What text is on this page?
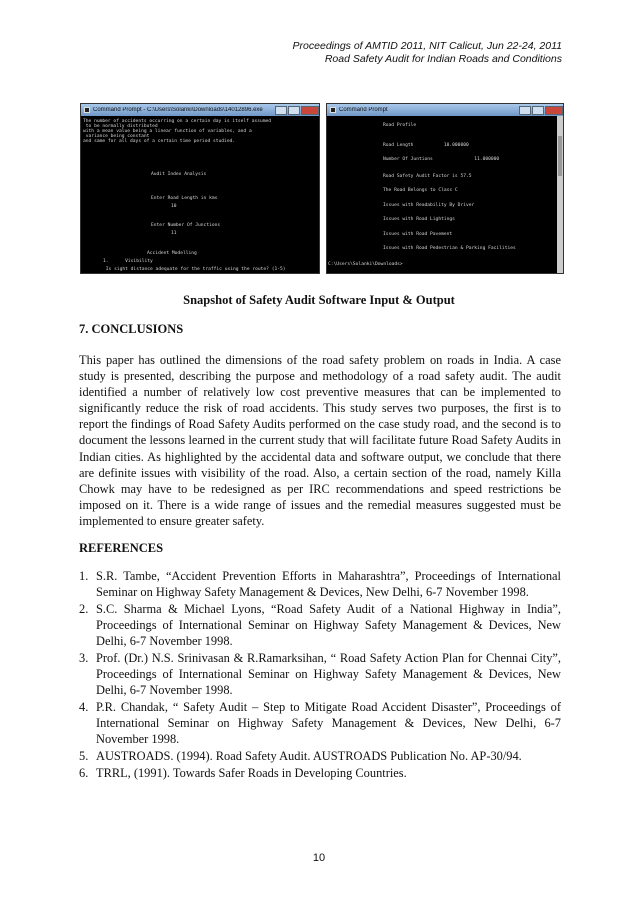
Proceedings of AMTID 2011, NIT Calicut, Jun 22-24, 2011
Road Safety Audit for Indian Roads and Conditions
Command Prompt - C:\Users\Solanki\Downloads\14012896.exe

The number of accidents occurring on a certain day is itself assumed

to be normally distributed

with a mean value being a linear function of variables, and a

variance being constant

and same for all days of a certain time period studied.

Audit Index Analysis

Enter Road Length in kms

10

Enter Number Of Junctions

11

Accident Modelling

1.      Visibility

Is sight distance adequate for the traffic using the route? (1-5)

Command Prompt

Road Profile

Road Length           10.000000

Number Of Juntions               11.000000

Road Safety Audit Factor is 57.5

The Road Belongs to Class C

Issues with Readability By Driver

Issues with Road Lightings

Issues with Road Pavement

Issues with Road Pedestrian & Parking Facilities

C:\Users\Solanki\Downloads>

Snapshot of Safety Audit Software Input & Output
7. CONCLUSIONS

This paper has outlined the dimensions of the road safety problem on roads in India. A case study is presented, describing the purpose and methodology of a road safety audit. The audit identified a number of relatively low cost preventive measures that can be implemented to significantly reduce the risk of road accidents. This study serves two purposes, the first is to report the findings of Road Safety Audits performed on the case study road, and the second is to document the lessons learned in the current study that will facilitate future Road Safety Audits in Indian cities. As highlighted by the accidental data and software output, we conclude that there are definite issues with visibility of the road. Also, a certain section of the road, namely Killa Chowk may have to be redesigned as per IRC recommendations and speed restrictions be imposed on it. There is a wide range of issues and the remedial measures suggested must be implemented to ensure greater safety.

REFERENCES
1. S.R. Tambe, “Accident Prevention Efforts in Maharashtra”, Proceedings of International Seminar on Highway Safety Management & Devices, New Delhi, 6-7 November 1998.
2. S.C. Sharma & Michael Lyons, “Road Safety Audit of a National Highway in India”, Proceedings of International Seminar on Highway Safety Management & Devices, New Delhi, 6-7 November 1998.
3. Prof. (Dr.) N.S. Srinivasan & R.Ramarksihan, “ Road Safety Action Plan for Chennai City”, Proceedings of International Seminar on Highway Safety Management & Devices, New Delhi, 6-7 November 1998.
4. P.R. Chandak, “ Safety Audit – Step to Mitigate Road Accident Disaster”, Proceedings of International Seminar on Highway Safety Management & Devices, New Delhi, 6-7 November 1998.
5. AUSTROADS. (1994). Road Safety Audit. AUSTROADS Publication No. AP-30/94.
6. TRRL, (1991). Towards Safer Roads in Developing Countries.
10
